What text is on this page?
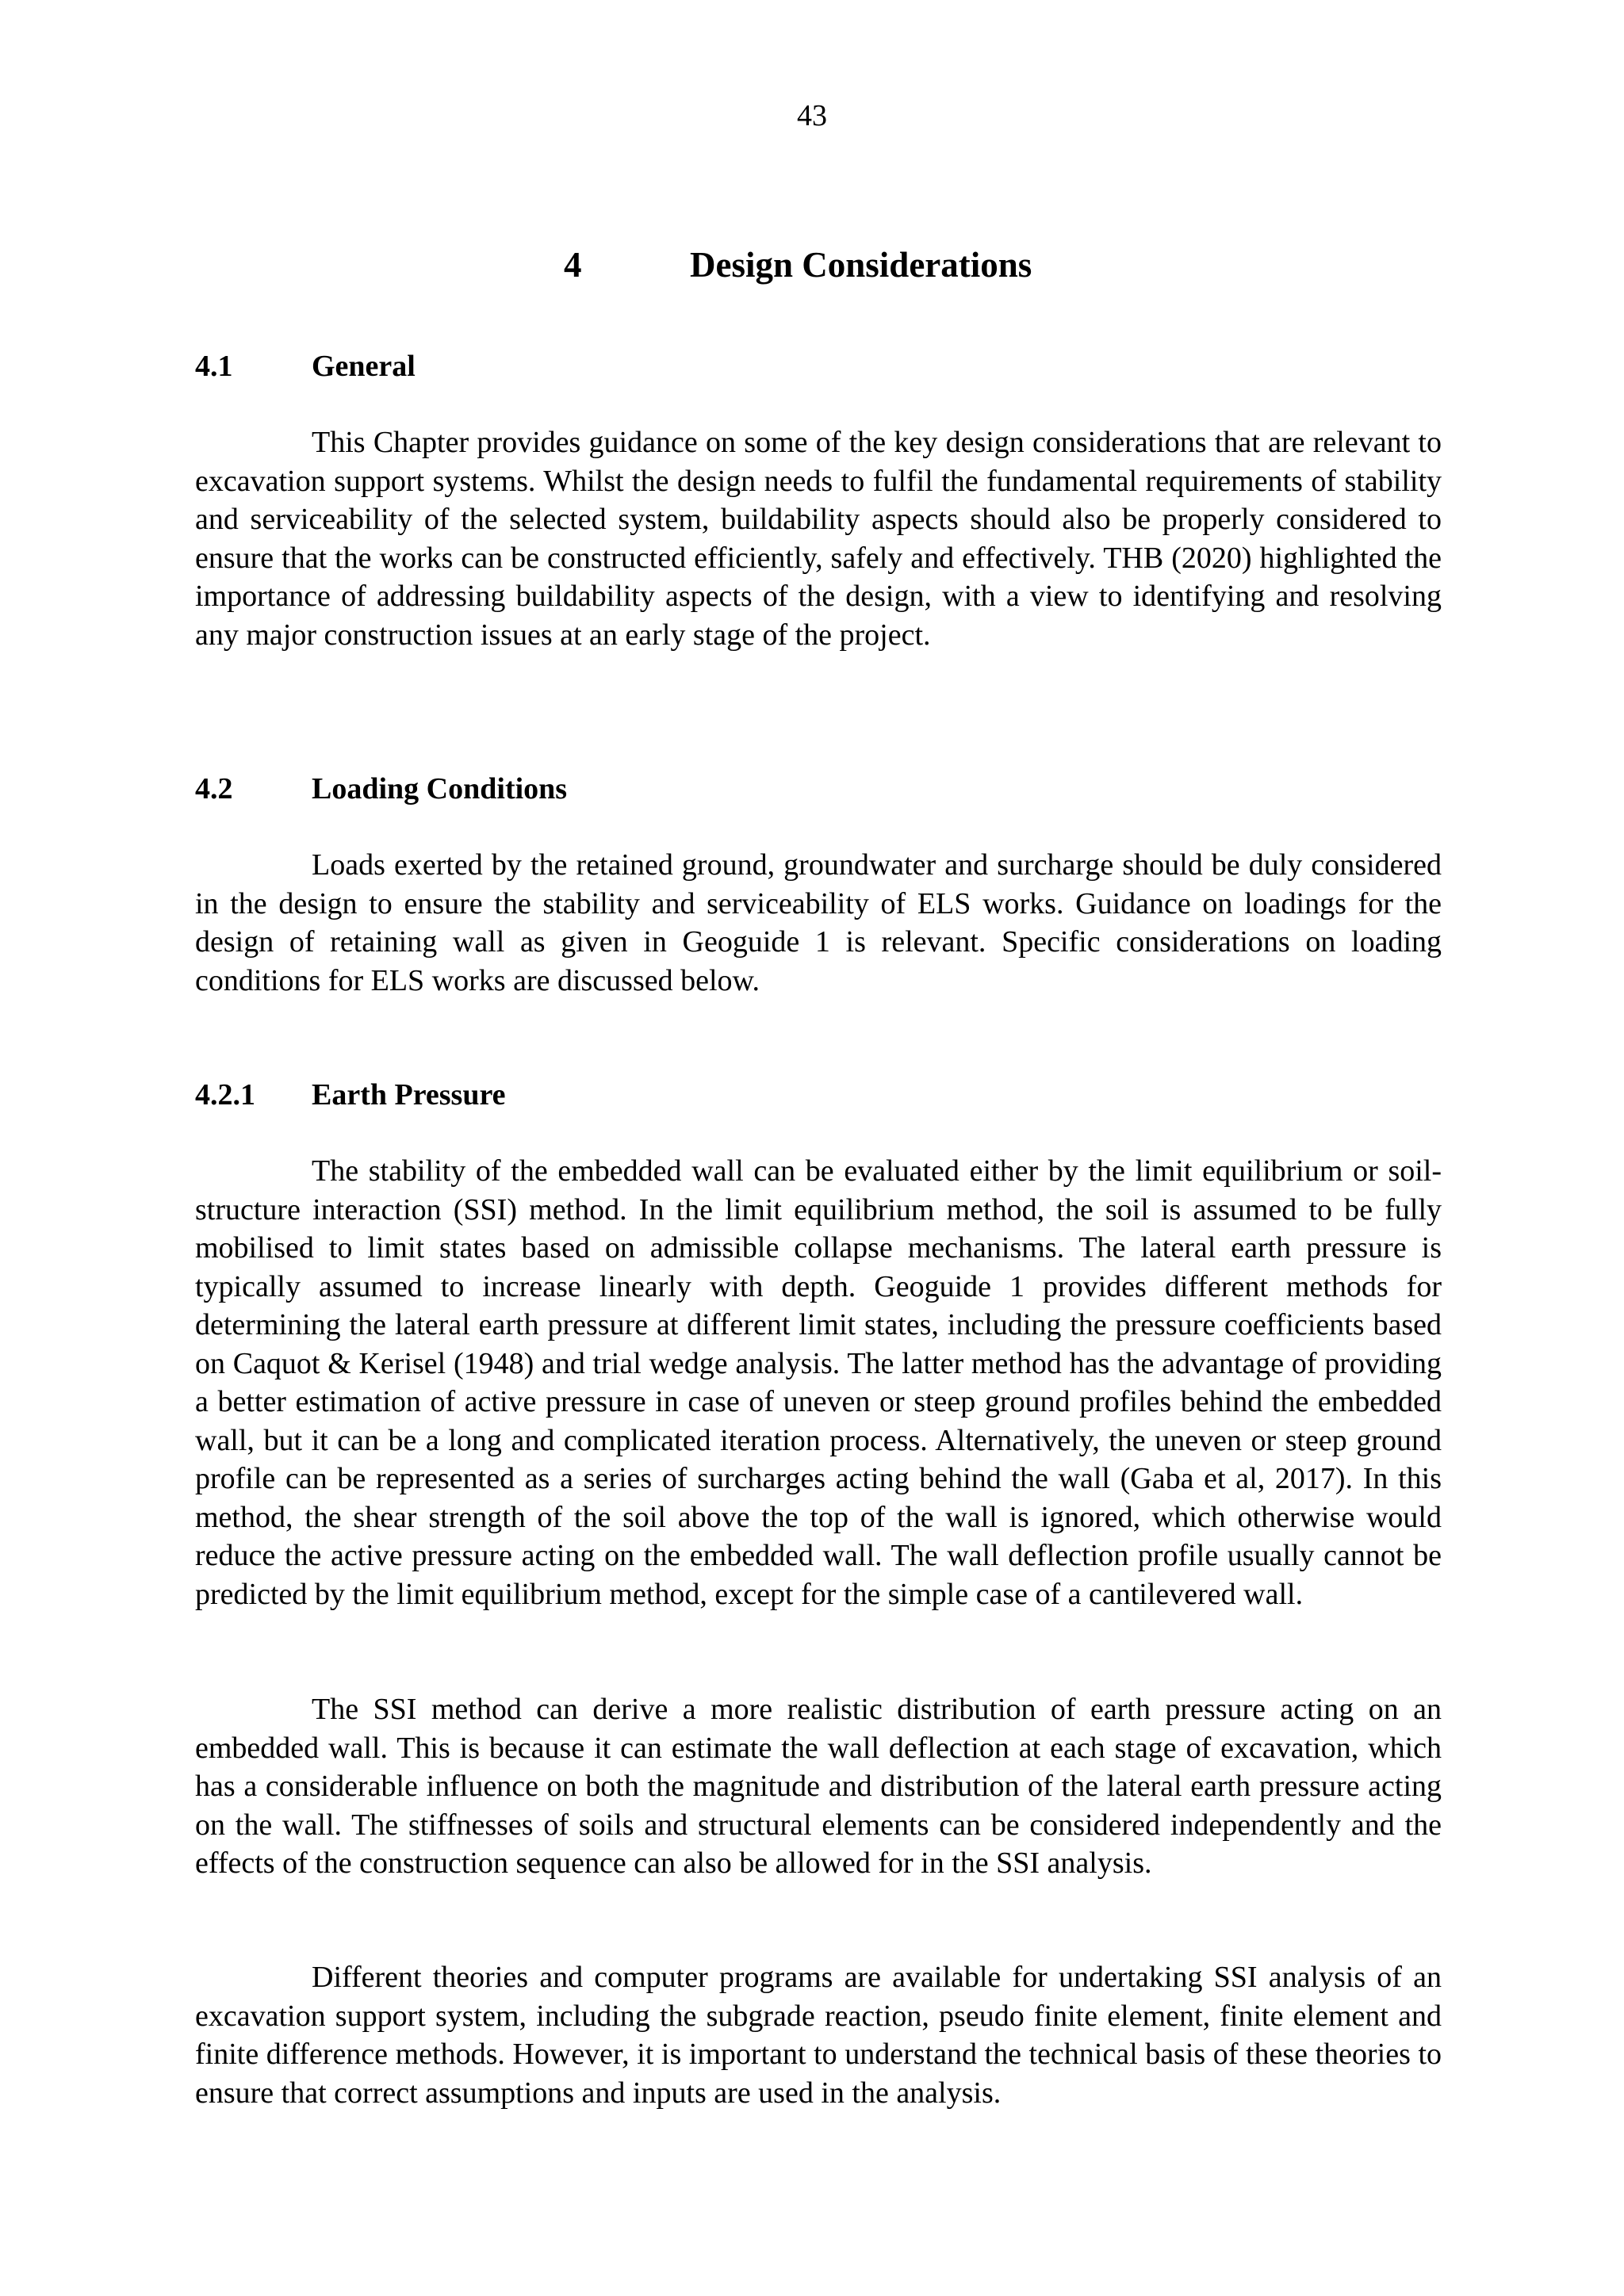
43
4	Design Considerations
4.1	General

This Chapter provides guidance on some of the key design considerations that are relevant to excavation support systems. Whilst the design needs to fulfil the fundamental requirements of stability and serviceability of the selected system, buildability aspects should also be properly considered to ensure that the works can be constructed efficiently, safely and effectively. THB (2020) highlighted the importance of addressing buildability aspects of the design, with a view to identifying and resolving any major construction issues at an early stage of the project.

4.2	Loading Conditions

Loads exerted by the retained ground, groundwater and surcharge should be duly considered in the design to ensure the stability and serviceability of ELS works. Guidance on loadings for the design of retaining wall as given in Geoguide 1 is relevant. Specific considerations on loading conditions for ELS works are discussed below.

4.2.1 Earth Pressure

The stability of the embedded wall can be evaluated either by the limit equilibrium or soil-structure interaction (SSI) method. In the limit equilibrium method, the soil is assumed to be fully mobilised to limit states based on admissible collapse mechanisms. The lateral earth pressure is typically assumed to increase linearly with depth. Geoguide 1 provides different methods for determining the lateral earth pressure at different limit states, including the pressure coefficients based on Caquot & Kerisel (1948) and trial wedge analysis. The latter method has the advantage of providing a better estimation of active pressure in case of uneven or steep ground profiles behind the embedded wall, but it can be a long and complicated iteration process. Alternatively, the uneven or steep ground profile can be represented as a series of surcharges acting behind the wall (Gaba et al, 2017). In this method, the shear strength of the soil above the top of the wall is ignored, which otherwise would reduce the active pressure acting on the embedded wall. The wall deflection profile usually cannot be predicted by the limit equilibrium method, except for the simple case of a cantilevered wall.

The SSI method can derive a more realistic distribution of earth pressure acting on an embedded wall. This is because it can estimate the wall deflection at each stage of excavation, which has a considerable influence on both the magnitude and distribution of the lateral earth pressure acting on the wall. The stiffnesses of soils and structural elements can be considered independently and the effects of the construction sequence can also be allowed for in the SSI analysis.

Different theories and computer programs are available for undertaking SSI analysis of an excavation support system, including the subgrade reaction, pseudo finite element, finite element and finite difference methods. However, it is important to understand the technical basis of these theories to ensure that correct assumptions and inputs are used in the analysis.
